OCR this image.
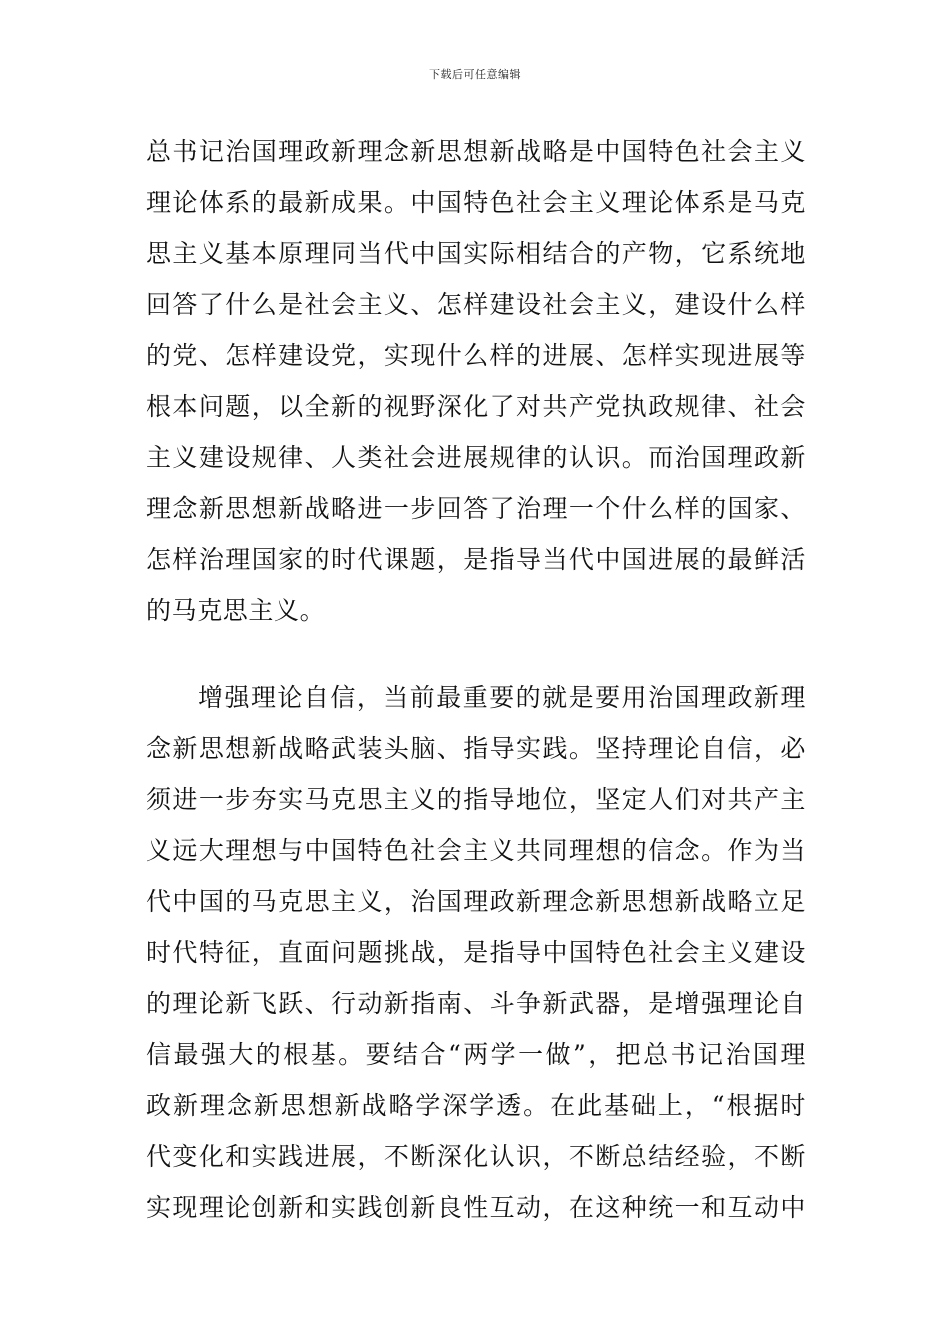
下载后可任意编辑
总书记治国理政新理念新思想新战略是中国特色社会主义
理论体系的最新成果。中国特色社会主义理论体系是马克
思主义基本原理同当代中国实际相结合的产物，它系统地
回答了什么是社会主义、怎样建设社会主义，建设什么样
的党、怎样建设党，实现什么样的进展、怎样实现进展等
根本问题，以全新的视野深化了对共产党执政规律、社会
主义建设规律、人类社会进展规律的认识。而治国理政新
理念新思想新战略进一步回答了治理一个什么样的国家、
怎样治理国家的时代课题，是指导当代中国进展的最鲜活
的马克思主义。
增强理论自信，当前最重要的就是要用治国理政新理
念新思想新战略武装头脑、指导实践。坚持理论自信，必
须进一步夯实马克思主义的指导地位，坚定人们对共产主
义远大理想与中国特色社会主义共同理想的信念。作为当
代中国的马克思主义，治国理政新理念新思想新战略立足
时代特征，直面问题挑战，是指导中国特色社会主义建设
的理论新飞跃、行动新指南、斗争新武器，是增强理论自
信最强大的根基。要结合“两学一做”，把总书记治国理
政新理念新思想新战略学深学透。在此基础上，“根据时
代变化和实践进展，不断深化认识，不断总结经验，不断
实现理论创新和实践创新良性互动，在这种统一和互动中
